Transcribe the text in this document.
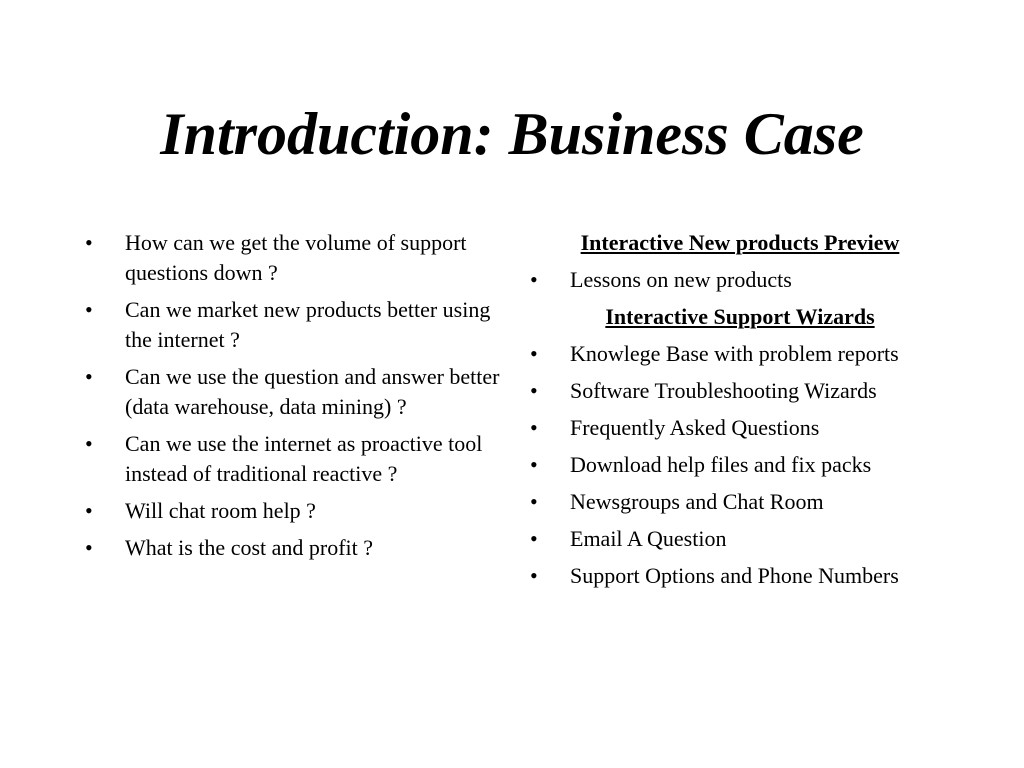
Introduction: Business Case
•	How can we get the volume of support questions down ?
•	Can we market new products better using the internet ?
•	Can we use the question and answer better (data warehouse, data mining) ?
•	Can we use the internet as proactive tool instead of traditional reactive ?
•	Will chat room help ?
•	What is the cost and profit ?
Interactive New products Preview
•	Lessons on new products
Interactive Support Wizards
•	Knowlege Base with problem reports
•	Software Troubleshooting Wizards
•	Frequently Asked Questions
•	Download help files and fix packs
•	Newsgroups and Chat Room
•	Email A Question
•	Support Options and Phone Numbers
